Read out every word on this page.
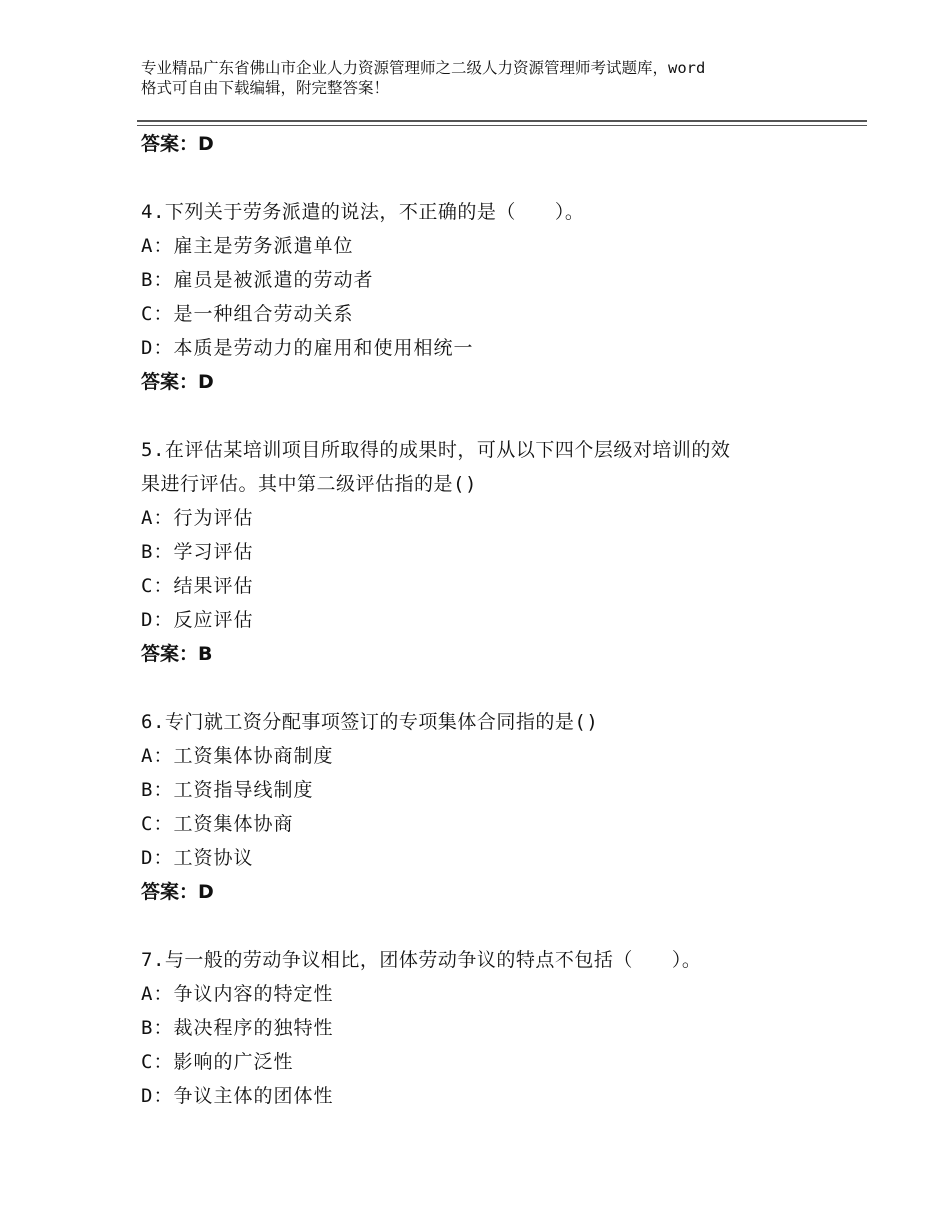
专业精品广东省佛山市企业人力资源管理师之二级人力资源管理师考试题库，word
格式可自由下载编辑，附完整答案！
答案：D
4.下列关于劳务派遣的说法，不正确的是（　　）。
A：雇主是劳务派遣单位
B：雇员是被派遣的劳动者
C：是一种组合劳动关系
D：本质是劳动力的雇用和使用相统一
答案：D
5.在评估某培训项目所取得的成果时，可从以下四个层级对培训的效
果进行评估。其中第二级评估指的是()
A：行为评估
B：学习评估
C：结果评估
D：反应评估
答案：B
6.专门就工资分配事项签订的专项集体合同指的是()
A：工资集体协商制度
B：工资指导线制度
C：工资集体协商
D：工资协议
答案：D
7.与一般的劳动争议相比，团体劳动争议的特点不包括（　　）。
A：争议内容的特定性
B：裁决程序的独特性
C：影响的广泛性
D：争议主体的团体性
